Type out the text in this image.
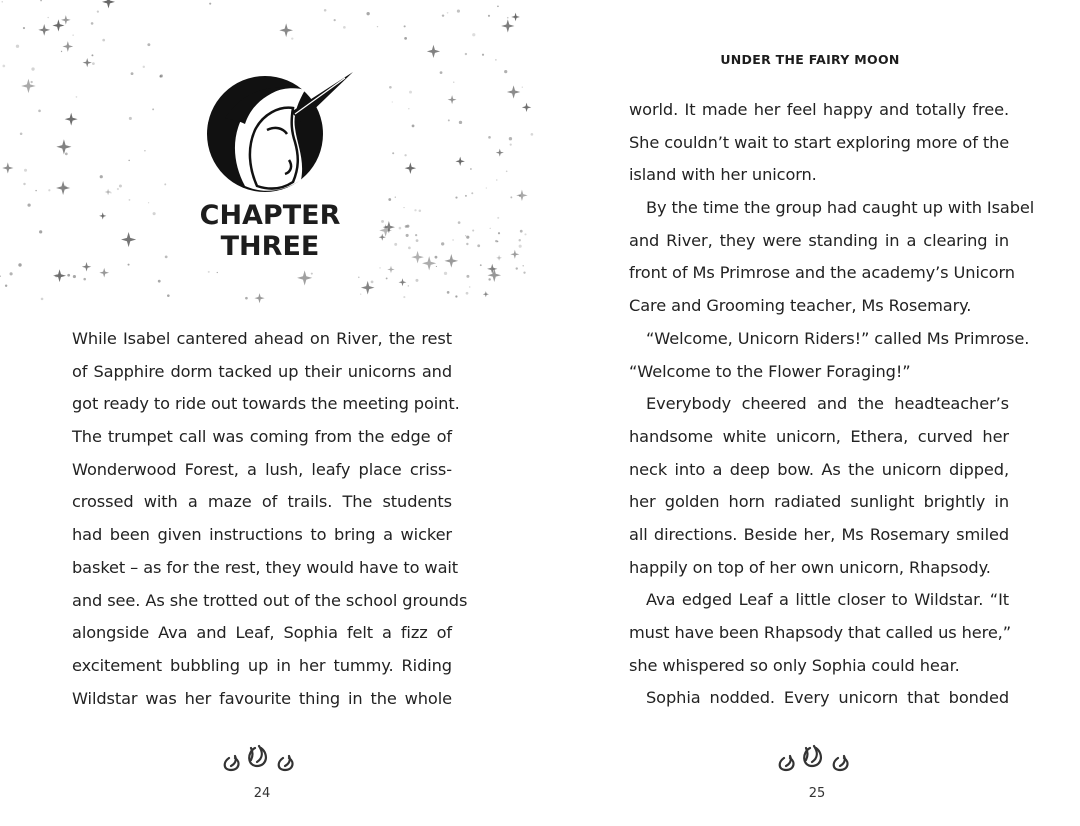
CHAPTER
THREE
While Isabel cantered ahead on River, the rest
of Sapphire dorm tacked up their unicorns and
got ready to ride out towards the meeting point.
The trumpet call was coming from the edge of
Wonderwood Forest, a lush, leafy place criss-
crossed with a maze of trails. The students
had been given instructions to bring a wicker
basket – as for the rest, they would have to wait
and see. As she trotted out of the school grounds
alongside Ava and Leaf, Sophia felt a fizz of
excitement bubbling up in her tummy. Riding
Wildstar was her favourite thing in the whole
24
UNDER THE FAIRY MOON
world. It made her feel happy and totally free.
She couldn’t wait to start exploring more of the
island with her unicorn.
By the time the group had caught up with Isabel
and River, they were standing in a clearing in
front of Ms Primrose and the academy’s Unicorn
Care and Grooming teacher, Ms Rosemary.
“Welcome, Unicorn Riders!” called Ms Primrose.
“Welcome to the Flower Foraging!”
Everybody cheered and the headteacher’s
handsome white unicorn, Ethera, curved her
neck into a deep bow. As the unicorn dipped,
her golden horn radiated sunlight brightly in
all directions. Beside her, Ms Rosemary smiled
happily on top of her own unicorn, Rhapsody.
Ava edged Leaf a little closer to Wildstar. “It
must have been Rhapsody that called us here,”
she whispered so only Sophia could hear.
Sophia nodded. Every unicorn that bonded
25
